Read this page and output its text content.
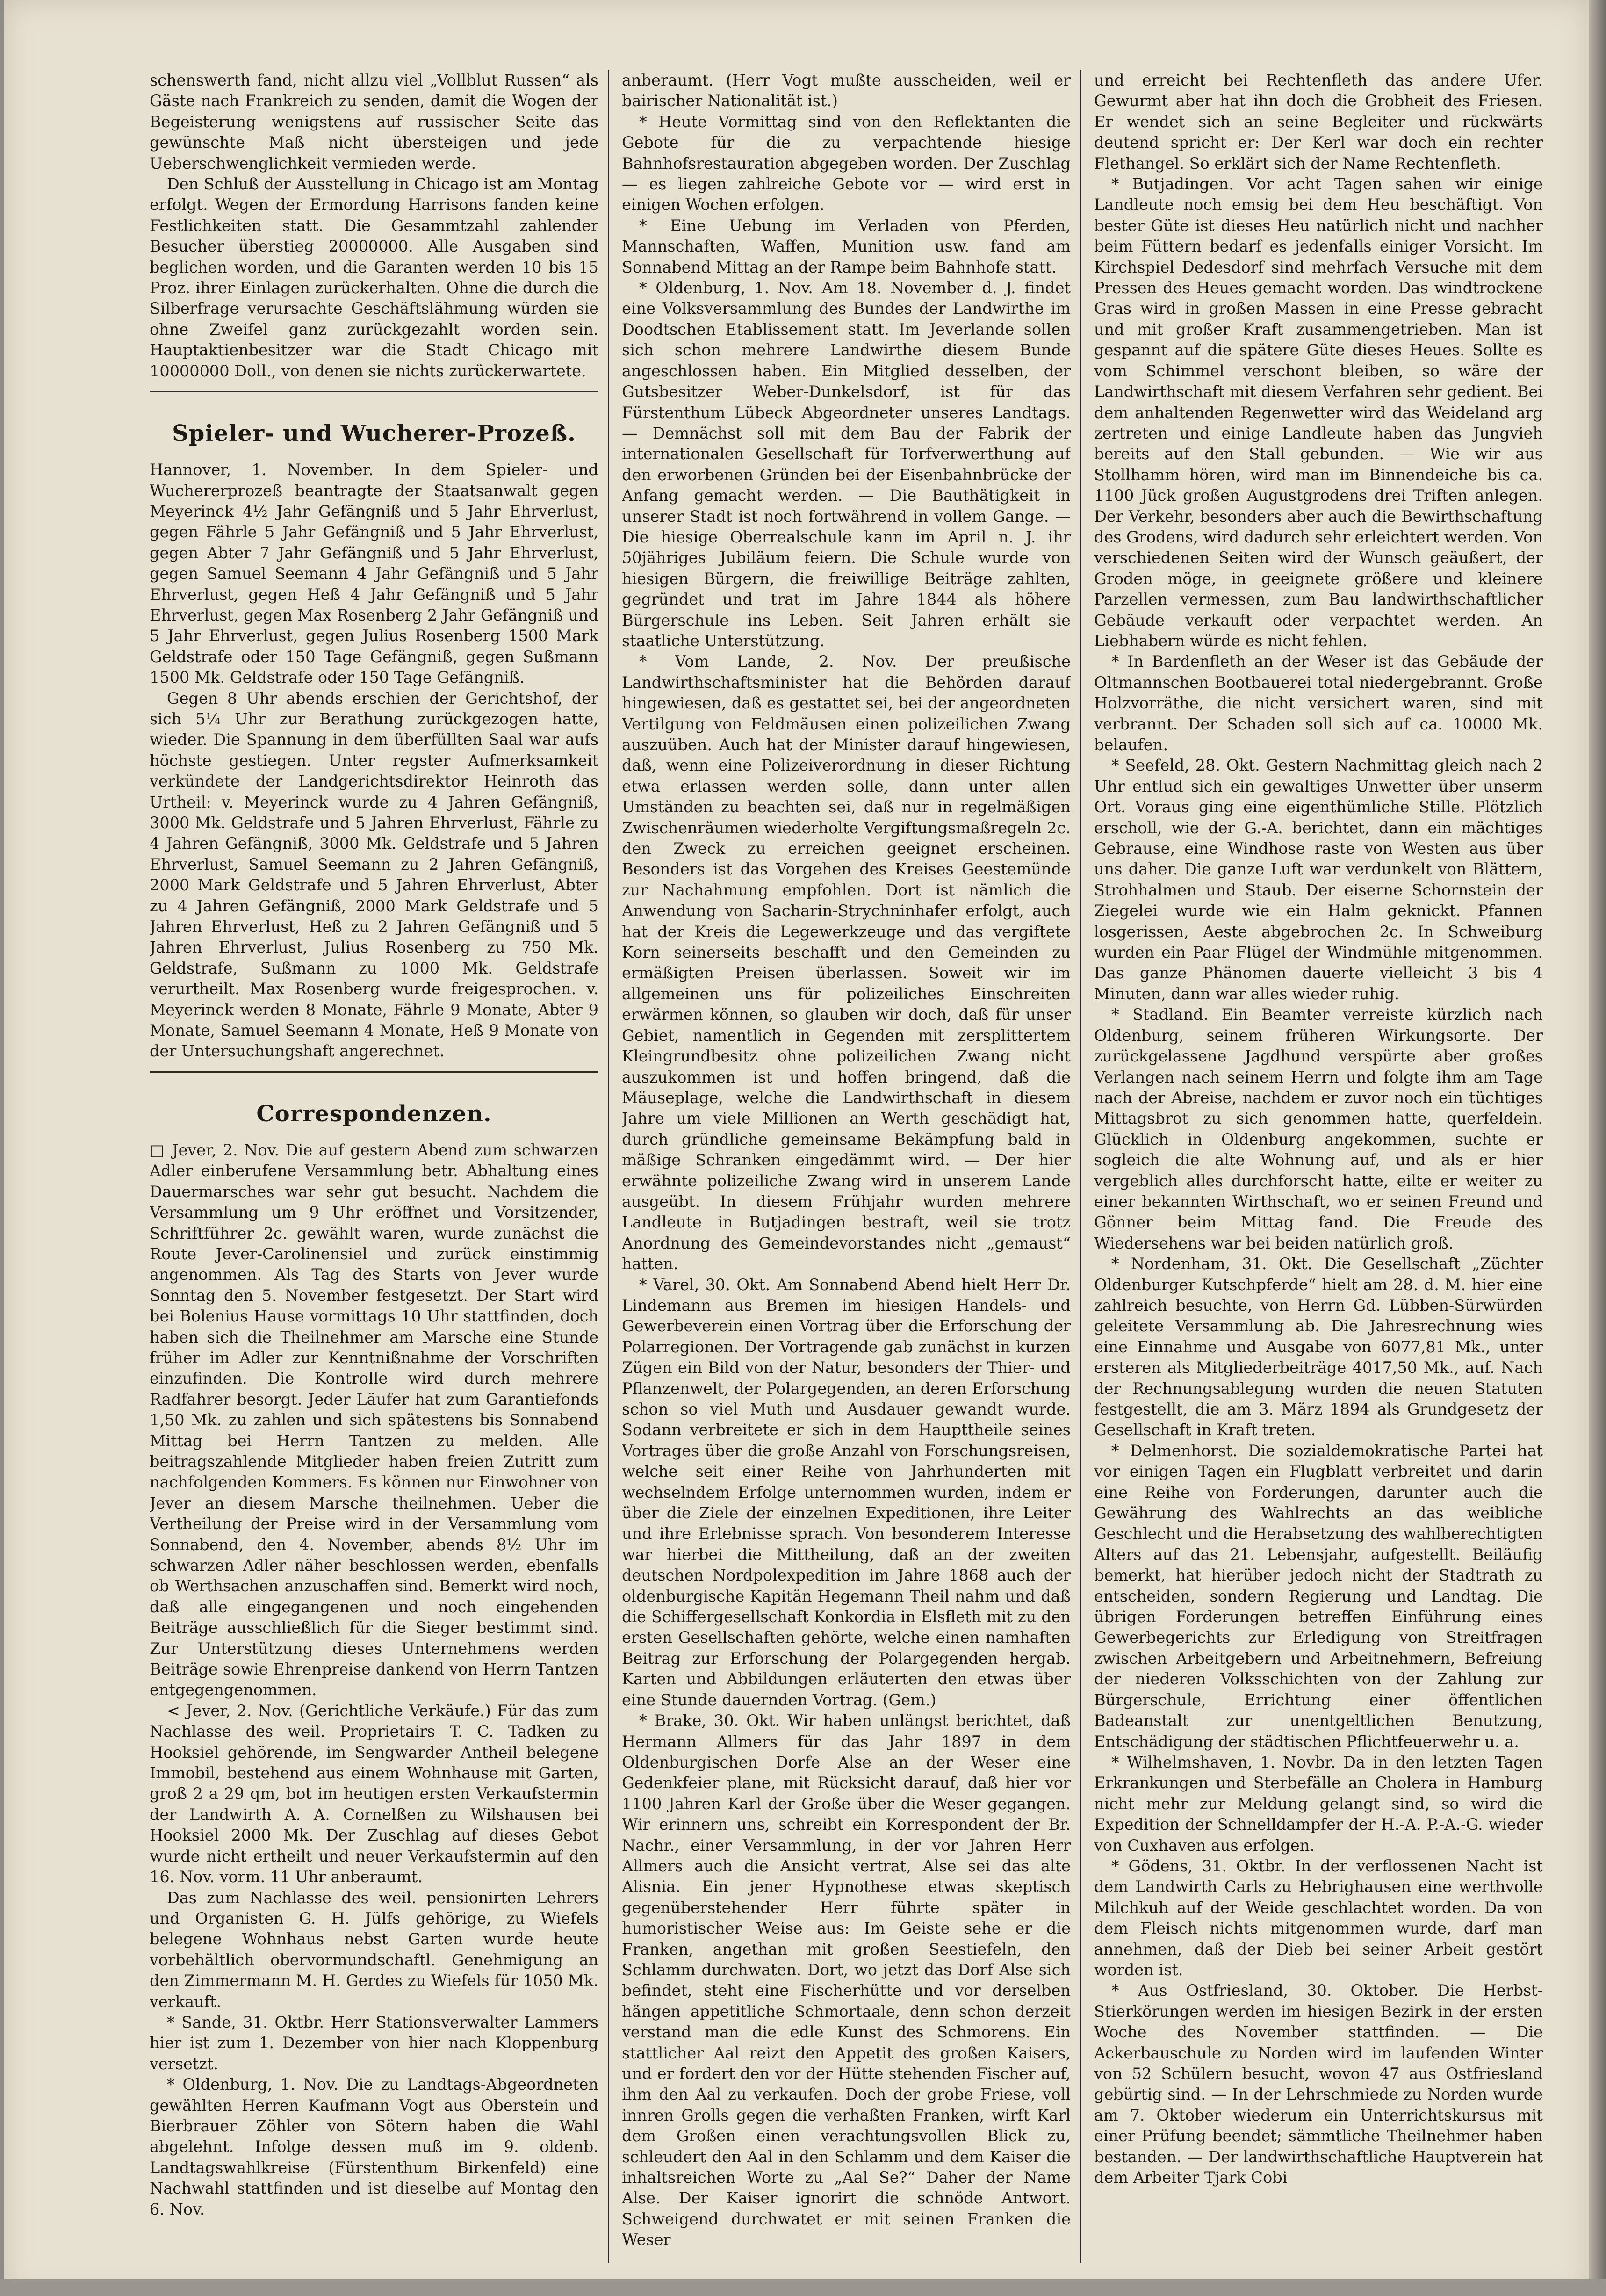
schenswerth fand, nicht allzu viel „Vollblut Russen“ als Gäste nach Frankreich zu senden, damit die Wogen der Begeisterung wenigstens auf russischer Seite das gewünschte Maß nicht übersteigen und jede Ueberschwenglichkeit vermieden werde.

Den Schluß der Ausstellung in Chicago ist am Montag erfolgt. Wegen der Ermordung Harrisons fanden keine Festlichkeiten statt. Die Gesammtzahl zahlender Besucher überstieg 20000000. Alle Ausgaben sind beglichen worden, und die Garanten werden 10 bis 15 Proz. ihrer Einlagen zurückerhalten. Ohne die durch die Silberfrage verursachte Geschäftslähmung würden sie ohne Zweifel ganz zurückgezahlt worden sein. Hauptaktienbesitzer war die Stadt Chicago mit 10000000 Doll., von denen sie nichts zurückerwartete.

Spieler- und Wucherer-Prozeß.

Hannover, 1. November. In dem Spieler- und Wuchererprozeß beantragte der Staatsanwalt gegen Meyerinck 4½ Jahr Gefängniß und 5 Jahr Ehrverlust, gegen Fährle 5 Jahr Gefängniß und 5 Jahr Ehrverlust, gegen Abter 7 Jahr Gefängniß und 5 Jahr Ehrverlust, gegen Samuel Seemann 4 Jahr Gefängniß und 5 Jahr Ehrverlust, gegen Heß 4 Jahr Gefängniß und 5 Jahr Ehrverlust, gegen Max Rosenberg 2 Jahr Gefängniß und 5 Jahr Ehrverlust, gegen Julius Rosenberg 1500 Mark Geldstrafe oder 150 Tage Gefängniß, gegen Sußmann 1500 Mk. Geldstrafe oder 150 Tage Gefängniß.

Gegen 8 Uhr abends erschien der Gerichtshof, der sich 5¼ Uhr zur Berathung zurückgezogen hatte, wieder. Die Spannung in dem überfüllten Saal war aufs höchste gestiegen. Unter regster Aufmerksamkeit verkündete der Landgerichtsdirektor Heinroth das Urtheil: v. Meyerinck wurde zu 4 Jahren Gefängniß, 3000 Mk. Geldstrafe und 5 Jahren Ehrverlust, Fährle zu 4 Jahren Gefängniß, 3000 Mk. Geldstrafe und 5 Jahren Ehrverlust, Samuel Seemann zu 2 Jahren Gefängniß, 2000 Mark Geldstrafe und 5 Jahren Ehrverlust, Abter zu 4 Jahren Gefängniß, 2000 Mark Geldstrafe und 5 Jahren Ehrverlust, Heß zu 2 Jahren Gefängniß und 5 Jahren Ehrverlust, Julius Rosenberg zu 750 Mk. Geldstrafe, Sußmann zu 1000 Mk. Geldstrafe verurtheilt. Max Rosenberg wurde freigesprochen. v. Meyerinck werden 8 Monate, Fährle 9 Monate, Abter 9 Monate, Samuel Seemann 4 Monate, Heß 9 Monate von der Untersuchungshaft angerechnet.

Correspondenzen.

□ Jever, 2. Nov. Die auf gestern Abend zum schwarzen Adler einberufene Versammlung betr. Abhaltung eines Dauermarsches war sehr gut besucht. Nachdem die Versammlung um 9 Uhr eröffnet und Vorsitzender, Schriftführer 2c. gewählt waren, wurde zunächst die Route Jever-Carolinensiel und zurück einstimmig angenommen. Als Tag des Starts von Jever wurde Sonntag den 5. November festgesetzt. Der Start wird bei Bolenius Hause vormittags 10 Uhr stattfinden, doch haben sich die Theilnehmer am Marsche eine Stunde früher im Adler zur Kenntnißnahme der Vorschriften einzufinden. Die Kontrolle wird durch mehrere Radfahrer besorgt. Jeder Läufer hat zum Garantiefonds 1,50 Mk. zu zahlen und sich spätestens bis Sonnabend Mittag bei Herrn Tantzen zu melden. Alle beitragszahlende Mitglieder haben freien Zutritt zum nachfolgenden Kommers. Es können nur Einwohner von Jever an diesem Marsche theilnehmen. Ueber die Vertheilung der Preise wird in der Versammlung vom Sonnabend, den 4. November, abends 8½ Uhr im schwarzen Adler näher beschlossen werden, ebenfalls ob Werthsachen anzuschaffen sind. Bemerkt wird noch, daß alle eingegangenen und noch eingehenden Beiträge ausschließlich für die Sieger bestimmt sind. Zur Unterstützung dieses Unternehmens werden Beiträge sowie Ehrenpreise dankend von Herrn Tantzen entgegengenommen.

< Jever, 2. Nov. (Gerichtliche Verkäufe.) Für das zum Nachlasse des weil. Proprietairs T. C. Tadken zu Hooksiel gehörende, im Sengwarder Antheil belegene Immobil, bestehend aus einem Wohnhause mit Garten, groß 2 a 29 qm, bot im heutigen ersten Verkaufstermin der Landwirth A. A. Cornelßen zu Wilshausen bei Hooksiel 2000 Mk. Der Zuschlag auf dieses Gebot wurde nicht ertheilt und neuer Verkaufstermin auf den 16. Nov. vorm. 11 Uhr anberaumt.

Das zum Nachlasse des weil. pensionirten Lehrers und Organisten G. H. Jülfs gehörige, zu Wiefels belegene Wohnhaus nebst Garten wurde heute vorbehältlich obervormundschaftl. Genehmigung an den Zimmermann M. H. Gerdes zu Wiefels für 1050 Mk. verkauft.

* Sande, 31. Oktbr. Herr Stationsverwalter Lammers hier ist zum 1. Dezember von hier nach Kloppenburg versetzt.

* Oldenburg, 1. Nov. Die zu Landtags-Abgeordneten gewählten Herren Kaufmann Vogt aus Oberstein und Bierbrauer Zöhler von Sötern haben die Wahl abgelehnt. Infolge dessen muß im 9. oldenb. Landtagswahlkreise (Fürstenthum Birkenfeld) eine Nachwahl stattfinden und ist dieselbe auf Montag den 6. Nov.

anberaumt. (Herr Vogt mußte ausscheiden, weil er bairischer Nationalität ist.)

* Heute Vormittag sind von den Reflektanten die Gebote für die zu verpachtende hiesige Bahnhofsrestauration abgegeben worden. Der Zuschlag — es liegen zahlreiche Gebote vor — wird erst in einigen Wochen erfolgen.

* Eine Uebung im Verladen von Pferden, Mannschaften, Waffen, Munition usw. fand am Sonnabend Mittag an der Rampe beim Bahnhofe statt.

* Oldenburg, 1. Nov. Am 18. November d. J. findet eine Volksversammlung des Bundes der Landwirthe im Doodtschen Etablissement statt. Im Jeverlande sollen sich schon mehrere Landwirthe diesem Bunde angeschlossen haben. Ein Mitglied desselben, der Gutsbesitzer Weber-Dunkelsdorf, ist für das Fürstenthum Lübeck Abgeordneter unseres Landtags. — Demnächst soll mit dem Bau der Fabrik der internationalen Gesellschaft für Torfverwerthung auf den erworbenen Gründen bei der Eisenbahnbrücke der Anfang gemacht werden. — Die Bauthätigkeit in unserer Stadt ist noch fortwährend in vollem Gange. — Die hiesige Oberrealschule kann im April n. J. ihr 50jähriges Jubiläum feiern. Die Schule wurde von hiesigen Bürgern, die freiwillige Beiträge zahlten, gegründet und trat im Jahre 1844 als höhere Bürgerschule ins Leben. Seit Jahren erhält sie staatliche Unterstützung.

* Vom Lande, 2. Nov. Der preußische Landwirthschaftsminister hat die Behörden darauf hingewiesen, daß es gestattet sei, bei der angeordneten Vertilgung von Feldmäusen einen polizeilichen Zwang auszuüben. Auch hat der Minister darauf hingewiesen, daß, wenn eine Polizeiverordnung in dieser Richtung etwa erlassen werden solle, dann unter allen Umständen zu beachten sei, daß nur in regelmäßigen Zwischenräumen wiederholte Vergiftungsmaßregeln 2c. den Zweck zu erreichen geeignet erscheinen. Besonders ist das Vorgehen des Kreises Geestemünde zur Nachahmung empfohlen. Dort ist nämlich die Anwendung von Sacharin-Strychninhafer erfolgt, auch hat der Kreis die Legewerkzeuge und das vergiftete Korn seinerseits beschafft und den Gemeinden zu ermäßigten Preisen überlassen. Soweit wir im allgemeinen uns für polizeiliches Einschreiten erwärmen können, so glauben wir doch, daß für unser Gebiet, namentlich in Gegenden mit zersplittertem Kleingrundbesitz ohne polizeilichen Zwang nicht auszukommen ist und hoffen bringend, daß die Mäuseplage, welche die Landwirthschaft in diesem Jahre um viele Millionen an Werth geschädigt hat, durch gründliche gemeinsame Bekämpfung bald in mäßige Schranken eingedämmt wird. — Der hier erwähnte polizeiliche Zwang wird in unserem Lande ausgeübt. In diesem Frühjahr wurden mehrere Landleute in Butjadingen bestraft, weil sie trotz Anordnung des Gemeindevorstandes nicht „gemaust“ hatten.

* Varel, 30. Okt. Am Sonnabend Abend hielt Herr Dr. Lindemann aus Bremen im hiesigen Handels- und Gewerbeverein einen Vortrag über die Erforschung der Polarregionen. Der Vortragende gab zunächst in kurzen Zügen ein Bild von der Natur, besonders der Thier- und Pflanzenwelt, der Polargegenden, an deren Erforschung schon so viel Muth und Ausdauer gewandt wurde. Sodann verbreitete er sich in dem Haupttheile seines Vortrages über die große Anzahl von Forschungsreisen, welche seit einer Reihe von Jahrhunderten mit wechselndem Erfolge unternommen wurden, indem er über die Ziele der einzelnen Expeditionen, ihre Leiter und ihre Erlebnisse sprach. Von besonderem Interesse war hierbei die Mittheilung, daß an der zweiten deutschen Nordpolexpedition im Jahre 1868 auch der oldenburgische Kapitän Hegemann Theil nahm und daß die Schiffergesellschaft Konkordia in Elsfleth mit zu den ersten Gesellschaften gehörte, welche einen namhaften Beitrag zur Erforschung der Polargegenden hergab. Karten und Abbildungen erläuterten den etwas über eine Stunde dauernden Vortrag. (Gem.)

* Brake, 30. Okt. Wir haben unlängst berichtet, daß Hermann Allmers für das Jahr 1897 in dem Oldenburgischen Dorfe Alse an der Weser eine Gedenkfeier plane, mit Rücksicht darauf, daß hier vor 1100 Jahren Karl der Große über die Weser gegangen. Wir erinnern uns, schreibt ein Korrespondent der Br. Nachr., einer Versammlung, in der vor Jahren Herr Allmers auch die Ansicht vertrat, Alse sei das alte Alisnia. Ein jener Hypnothese etwas skeptisch gegenüberstehender Herr führte später in humoristischer Weise aus: Im Geiste sehe er die Franken, angethan mit großen Seestiefeln, den Schlamm durchwaten. Dort, wo jetzt das Dorf Alse sich befindet, steht eine Fischerhütte und vor derselben hängen appetitliche Schmortaale, denn schon derzeit verstand man die edle Kunst des Schmorens. Ein stattlicher Aal reizt den Appetit des großen Kaisers, und er fordert den vor der Hütte stehenden Fischer auf, ihm den Aal zu verkaufen. Doch der grobe Friese, voll innren Grolls gegen die verhaßten Franken, wirft Karl dem Großen einen verachtungsvollen Blick zu, schleudert den Aal in den Schlamm und dem Kaiser die inhaltsreichen Worte zu „Aal Se?“ Daher der Name Alse. Der Kaiser ignorirt die schnöde Antwort. Schweigend durchwatet er mit seinen Franken die Weser

und erreicht bei Rechtenfleth das andere Ufer. Gewurmt aber hat ihn doch die Grobheit des Friesen. Er wendet sich an seine Begleiter und rückwärts deutend spricht er: Der Kerl war doch ein rechter Flethangel. So erklärt sich der Name Rechtenfleth.

* Butjadingen. Vor acht Tagen sahen wir einige Landleute noch emsig bei dem Heu beschäftigt. Von bester Güte ist dieses Heu natürlich nicht und nachher beim Füttern bedarf es jedenfalls einiger Vorsicht. Im Kirchspiel Dedesdorf sind mehrfach Versuche mit dem Pressen des Heues gemacht worden. Das windtrockene Gras wird in großen Massen in eine Presse gebracht und mit großer Kraft zusammengetrieben. Man ist gespannt auf die spätere Güte dieses Heues. Sollte es vom Schimmel verschont bleiben, so wäre der Landwirthschaft mit diesem Verfahren sehr gedient. Bei dem anhaltenden Regenwetter wird das Weideland arg zertreten und einige Landleute haben das Jungvieh bereits auf den Stall gebunden. — Wie wir aus Stollhamm hören, wird man im Binnendeiche bis ca. 1100 Jück großen Augustgrodens drei Triften anlegen. Der Verkehr, besonders aber auch die Bewirthschaftung des Grodens, wird dadurch sehr erleichtert werden. Von verschiedenen Seiten wird der Wunsch geäußert, der Groden möge, in geeignete größere und kleinere Parzellen vermessen, zum Bau landwirthschaftlicher Gebäude verkauft oder verpachtet werden. An Liebhabern würde es nicht fehlen.

* In Bardenfleth an der Weser ist das Gebäude der Oltmannschen Bootbauerei total niedergebrannt. Große Holzvorräthe, die nicht versichert waren, sind mit verbrannt. Der Schaden soll sich auf ca. 10000 Mk. belaufen.

* Seefeld, 28. Okt. Gestern Nachmittag gleich nach 2 Uhr entlud sich ein gewaltiges Unwetter über unserm Ort. Voraus ging eine eigenthümliche Stille. Plötzlich erscholl, wie der G.-A. berichtet, dann ein mächtiges Gebrause, eine Windhose raste von Westen aus über uns daher. Die ganze Luft war verdunkelt von Blättern, Strohhalmen und Staub. Der eiserne Schornstein der Ziegelei wurde wie ein Halm geknickt. Pfannen losgerissen, Aeste abgebrochen 2c. In Schweiburg wurden ein Paar Flügel der Windmühle mitgenommen. Das ganze Phänomen dauerte vielleicht 3 bis 4 Minuten, dann war alles wieder ruhig.

* Stadland. Ein Beamter verreiste kürzlich nach Oldenburg, seinem früheren Wirkungsorte. Der zurückgelassene Jagdhund verspürte aber großes Verlangen nach seinem Herrn und folgte ihm am Tage nach der Abreise, nachdem er zuvor noch ein tüchtiges Mittagsbrot zu sich genommen hatte, querfeldein. Glücklich in Oldenburg angekommen, suchte er sogleich die alte Wohnung auf, und als er hier vergeblich alles durchforscht hatte, eilte er weiter zu einer bekannten Wirthschaft, wo er seinen Freund und Gönner beim Mittag fand. Die Freude des Wiedersehens war bei beiden natürlich groß.

* Nordenham, 31. Okt. Die Gesellschaft „Züchter Oldenburger Kutschpferde“ hielt am 28. d. M. hier eine zahlreich besuchte, von Herrn Gd. Lübben-Sürwürden geleitete Versammlung ab. Die Jahresrechnung wies eine Einnahme und Ausgabe von 6077,81 Mk., unter ersteren als Mitgliederbeiträge 4017,50 Mk., auf. Nach der Rechnungsablegung wurden die neuen Statuten festgestellt, die am 3. März 1894 als Grundgesetz der Gesellschaft in Kraft treten.

* Delmenhorst. Die sozialdemokratische Partei hat vor einigen Tagen ein Flugblatt verbreitet und darin eine Reihe von Forderungen, darunter auch die Gewährung des Wahlrechts an das weibliche Geschlecht und die Herabsetzung des wahlberechtigten Alters auf das 21. Lebensjahr, aufgestellt. Beiläufig bemerkt, hat hierüber jedoch nicht der Stadtrath zu entscheiden, sondern Regierung und Landtag. Die übrigen Forderungen betreffen Einführung eines Gewerbegerichts zur Erledigung von Streitfragen zwischen Arbeitgebern und Arbeitnehmern, Befreiung der niederen Volksschichten von der Zahlung zur Bürgerschule, Errichtung einer öffentlichen Badeanstalt zur unentgeltlichen Benutzung, Entschädigung der städtischen Pflichtfeuerwehr u. a.

* Wilhelmshaven, 1. Novbr. Da in den letzten Tagen Erkrankungen und Sterbefälle an Cholera in Hamburg nicht mehr zur Meldung gelangt sind, so wird die Expedition der Schnelldampfer der H.-A. P.-A.-G. wieder von Cuxhaven aus erfolgen.

* Gödens, 31. Oktbr. In der verflossenen Nacht ist dem Landwirth Carls zu Hebrighausen eine werthvolle Milchkuh auf der Weide geschlachtet worden. Da von dem Fleisch nichts mitgenommen wurde, darf man annehmen, daß der Dieb bei seiner Arbeit gestört worden ist.

* Aus Ostfriesland, 30. Oktober. Die Herbst-Stierkörungen werden im hiesigen Bezirk in der ersten Woche des November stattfinden. — Die Ackerbauschule zu Norden wird im laufenden Winter von 52 Schülern besucht, wovon 47 aus Ostfriesland gebürtig sind. — In der Lehrschmiede zu Norden wurde am 7. Oktober wiederum ein Unterrichtskursus mit einer Prüfung beendet; sämmtliche Theilnehmer haben bestanden. — Der landwirthschaftliche Hauptverein hat dem Arbeiter Tjark Cobi
